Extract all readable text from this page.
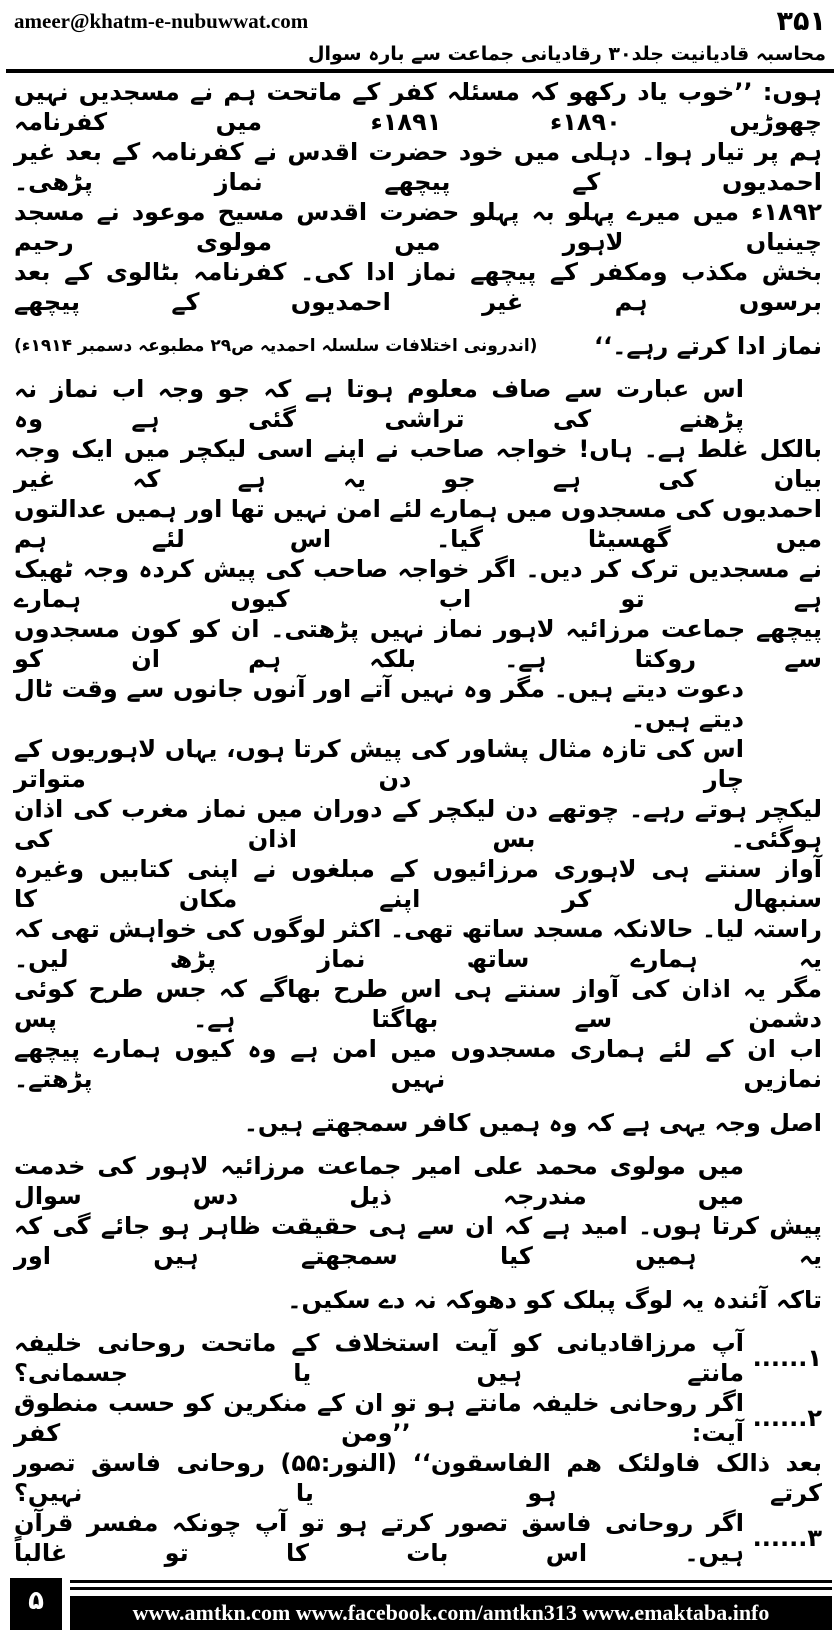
ameer@khatm-e-nubuwwat.com	۳۵۱
محاسبہ قادیانیت جلد۳۰ رقادیانی جماعت سے بارہ سوال
ہوں: ’’خوب یاد رکھو کہ مسئلہ کفر کے ماتحت ہم نے مسجدیں نہیں چھوڑیں ۱۸۹۰ء ۱۸۹۱ء میں کفرنامہ
ہم پر تیار ہوا۔ دہلی میں خود حضرت اقدس نے کفرنامہ کے بعد غیر احمدیوں کے پیچھے نماز پڑھی۔
۱۸۹۲ء میں میرے پہلو بہ پہلو حضرت اقدس مسیح موعود نے مسجد چینیاں لاہور میں مولوی رحیم
بخش مکذب ومکفر کے پیچھے نماز ادا کی۔ کفرنامہ بٹالوی کے بعد برسوں ہم غیر احمدیوں کے پیچھے
نماز ادا کرتے رہے۔‘‘
(اندرونی اختلافات سلسلہ احمدیہ ص۲۹ مطبوعہ دسمبر ۱۹۱۴ء)
اس عبارت سے صاف معلوم ہوتا ہے کہ جو وجہ اب نماز نہ پڑھنے کی تراشی گئی ہے وہ
بالکل غلط ہے۔ ہاں! خواجہ صاحب نے اپنے اسی لیکچر میں ایک وجہ بیان کی ہے جو یہ ہے کہ غیر
احمدیوں کی مسجدوں میں ہمارے لئے امن نہیں تھا اور ہمیں عدالتوں میں گھسیٹا گیا۔ اس لئے ہم
نے مسجدیں ترک کر دیں۔ اگر خواجہ صاحب کی پیش کردہ وجہ ٹھیک ہے تو اب کیوں ہمارے
پیچھے جماعت مرزائیہ لاہور نماز نہیں پڑھتی۔ ان کو کون مسجدوں سے روکتا ہے۔ بلکہ ہم ان کو
دعوت دیتے ہیں۔ مگر وہ نہیں آتے اور آنوں جانوں سے وقت ٹال دیتے ہیں۔
اس کی تازہ مثال پشاور کی پیش کرتا ہوں، یہاں لاہوریوں کے چار دن متواتر
لیکچر ہوتے رہے۔ چوتھے دن لیکچر کے دوران میں نماز مغرب کی اذان ہوگئی۔ بس اذان کی
آواز سنتے ہی لاہوری مرزائیوں کے مبلغوں نے اپنی کتابیں وغیرہ سنبھال کر اپنے مکان کا
راستہ لیا۔ حالانکہ مسجد ساتھ تھی۔ اکثر لوگوں کی خواہش تھی کہ یہ ہمارے ساتھ نماز پڑھ لیں۔
مگر یہ اذان کی آواز سنتے ہی اس طرح بھاگے کہ جس طرح کوئی دشمن سے بھاگتا ہے۔ پس
اب ان کے لئے ہماری مسجدوں میں امن ہے وہ کیوں ہمارے پیچھے نمازیں نہیں پڑھتے۔
اصل وجہ یہی ہے کہ وہ ہمیں کافر سمجھتے ہیں۔
میں مولوی محمد علی امیر جماعت مرزائیہ لاہور کی خدمت میں مندرجہ ذیل دس سوال
پیش کرتا ہوں۔ امید ہے کہ ان سے ہی حقیقت ظاہر ہو جائے گی کہ یہ ہمیں کیا سمجھتے ہیں اور
تاکہ آئندہ یہ لوگ پبلک کو دھوکہ نہ دے سکیں۔
۱......
آپ مرزاقادیانی کو آیت استخلاف کے ماتحت روحانی خلیفہ مانتے ہیں یا جسمانی؟
۲......
اگر روحانی خلیفہ مانتے ہو تو ان کے منکرین کو حسب منطوق آیت: ’’ومن کفر
بعد ذالک فاولئک هم الفاسقون‘‘ (النور:۵۵) روحانی فاسق تصور کرتے ہو یا نہیں؟
۳......
اگر روحانی فاسق تصور کرتے ہو تو آپ چونکہ مفسر قرآن ہیں۔ اس بات کا تو غالباً
۵	www.amtkn.com www.facebook.com/amtkn313 www.emaktaba.info
